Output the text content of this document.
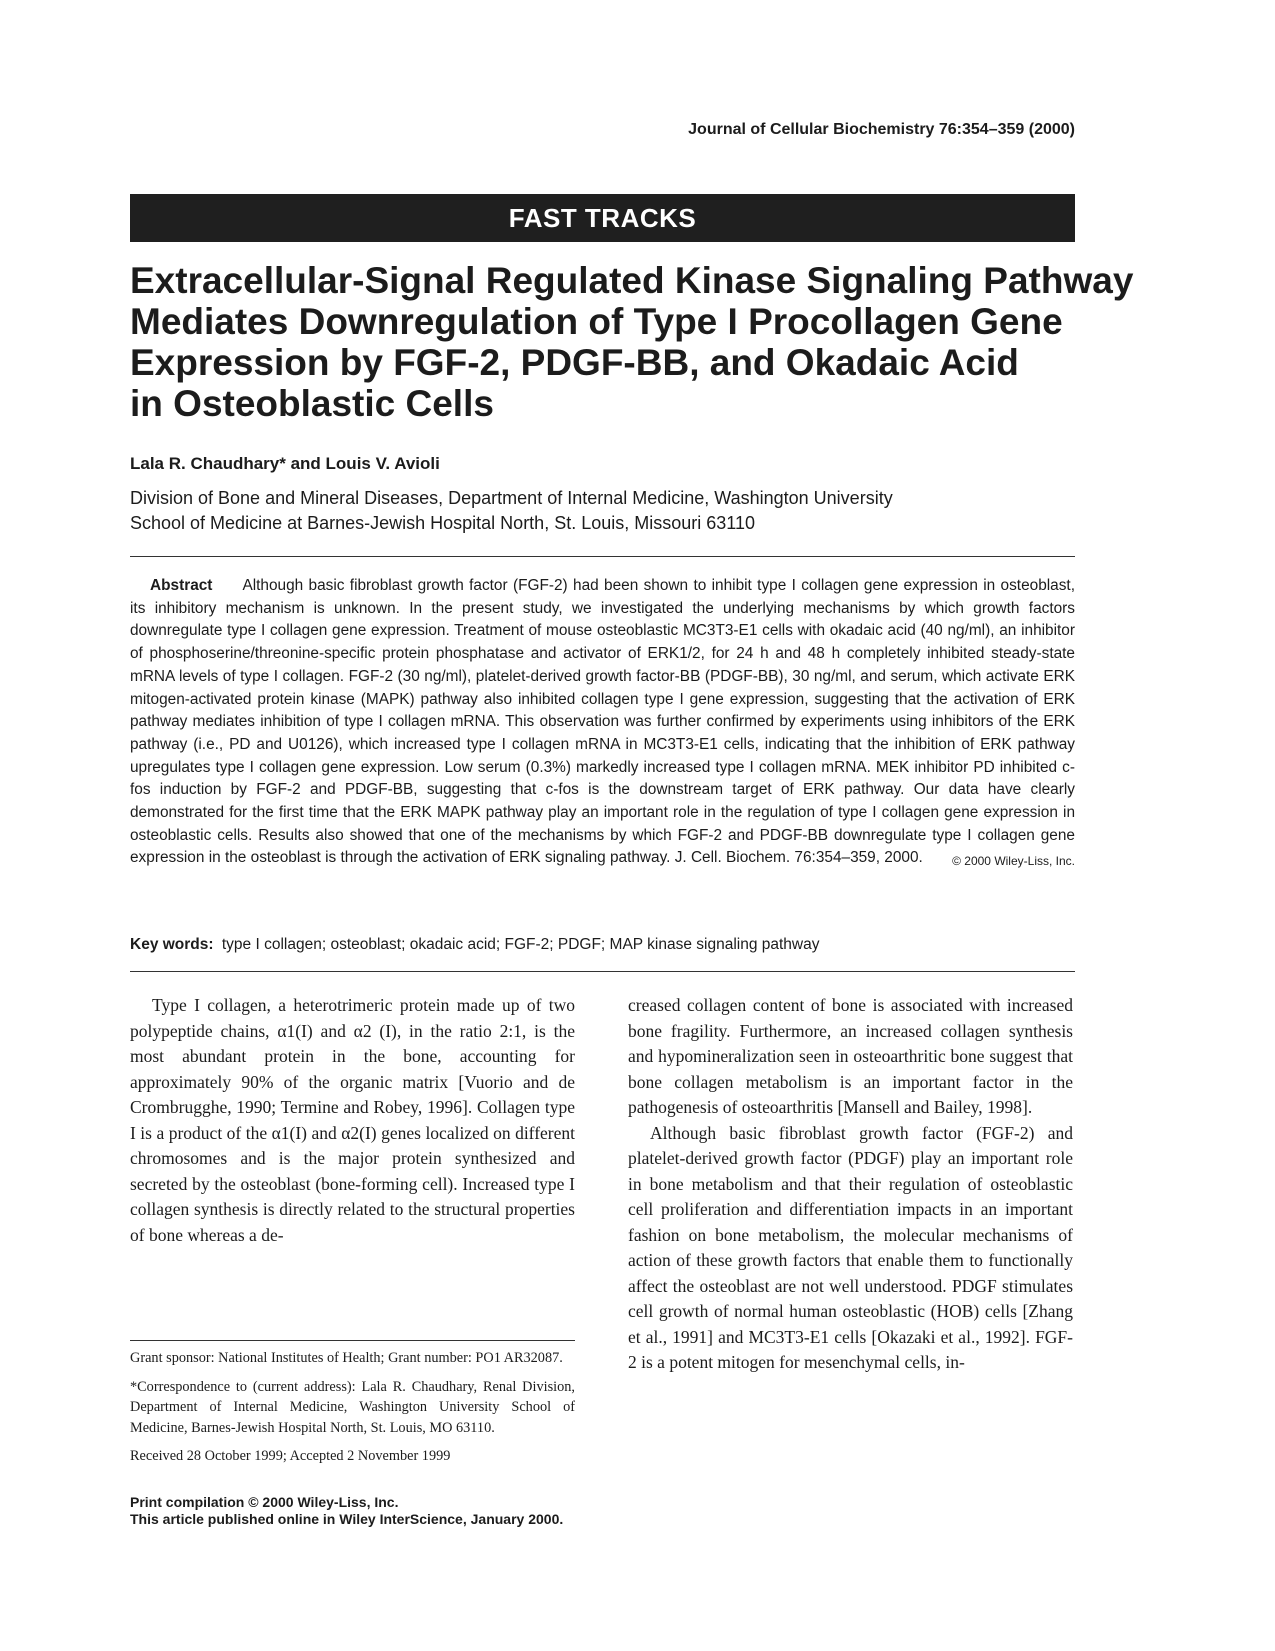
Journal of Cellular Biochemistry 76:354–359 (2000)
FAST TRACKS
Extracellular-Signal Regulated Kinase Signaling Pathway
Mediates Downregulation of Type I Procollagen Gene
Expression by FGF-2, PDGF-BB, and Okadaic Acid
in Osteoblastic Cells
Lala R. Chaudhary* and Louis V. Avioli
Division of Bone and Mineral Diseases, Department of Internal Medicine, Washington University
School of Medicine at Barnes-Jewish Hospital North, St. Louis, Missouri 63110

Abstract Although basic fibroblast growth factor (FGF-2) had been shown to inhibit type I collagen gene expression in osteoblast, its inhibitory mechanism is unknown. In the present study, we investigated the underlying mechanisms by which growth factors downregulate type I collagen gene expression. Treatment of mouse osteoblastic MC3T3-E1 cells with okadaic acid (40 ng/ml), an inhibitor of phosphoserine/threonine-specific protein phosphatase and activator of ERK1/2, for 24 h and 48 h completely inhibited steady-state mRNA levels of type I collagen. FGF-2 (30 ng/ml), platelet-derived growth factor-BB (PDGF-BB), 30 ng/ml, and serum, which activate ERK mitogen-activated protein kinase (MAPK) pathway also inhibited collagen type I gene expression, suggesting that the activation of ERK pathway mediates inhibition of type I collagen mRNA. This observation was further confirmed by experiments using inhibitors of the ERK pathway (i.e., PD and U0126), which increased type I collagen mRNA in MC3T3-E1 cells, indicating that the inhibition of ERK pathway upregulates type I collagen gene expression. Low serum (0.3%) markedly increased type I collagen mRNA. MEK inhibitor PD inhibited c-fos induction by FGF-2 and PDGF-BB, suggesting that c-fos is the downstream target of ERK pathway. Our data have clearly demonstrated for the first time that the ERK MAPK pathway play an important role in the regulation of type I collagen gene expression in osteoblastic cells. Results also showed that one of the mechanisms by which FGF-2 and PDGF-BB downregulate type I collagen gene expression in the osteoblast is through the activation of ERK signaling pathway. J. Cell. Biochem. 76:354–359, 2000. © 2000 Wiley-Liss, Inc.

Key words: type I collagen; osteoblast; okadaic acid; FGF-2; PDGF; MAP kinase signaling pathway

Type I collagen, a heterotrimeric protein made up of two polypeptide chains, α1(I) and α2 (I), in the ratio 2:1, is the most abundant protein in the bone, accounting for approximately 90% of the organic matrix [Vuorio and de Crombrugghe, 1990; Termine and Robey, 1996]. Collagen type I is a product of the α1(I) and α2(I) genes localized on different chromosomes and is the major protein synthesized and secreted by the osteoblast (bone-forming cell). Increased type I collagen synthesis is directly related to the structural properties of bone whereas a de-

creased collagen content of bone is associated with increased bone fragility. Furthermore, an increased collagen synthesis and hypomineralization seen in osteoarthritic bone suggest that bone collagen metabolism is an important factor in the pathogenesis of osteoarthritis [Mansell and Bailey, 1998].

Although basic fibroblast growth factor (FGF-2) and platelet-derived growth factor (PDGF) play an important role in bone metabolism and that their regulation of osteoblastic cell proliferation and differentiation impacts in an important fashion on bone metabolism, the molecular mechanisms of action of these growth factors that enable them to functionally affect the osteoblast are not well understood. PDGF stimulates cell growth of normal human osteoblastic (HOB) cells [Zhang et al., 1991] and MC3T3-E1 cells [Okazaki et al., 1992]. FGF-2 is a potent mitogen for mesenchymal cells, in-

Grant sponsor: National Institutes of Health; Grant number: PO1 AR32087.

*Correspondence to (current address): Lala R. Chaudhary, Renal Division, Department of Internal Medicine, Washington University School of Medicine, Barnes-Jewish Hospital North, St. Louis, MO 63110.

Received 28 October 1999; Accepted 2 November 1999

Print compilation © 2000 Wiley-Liss, Inc.
This article published online in Wiley InterScience, January 2000.
